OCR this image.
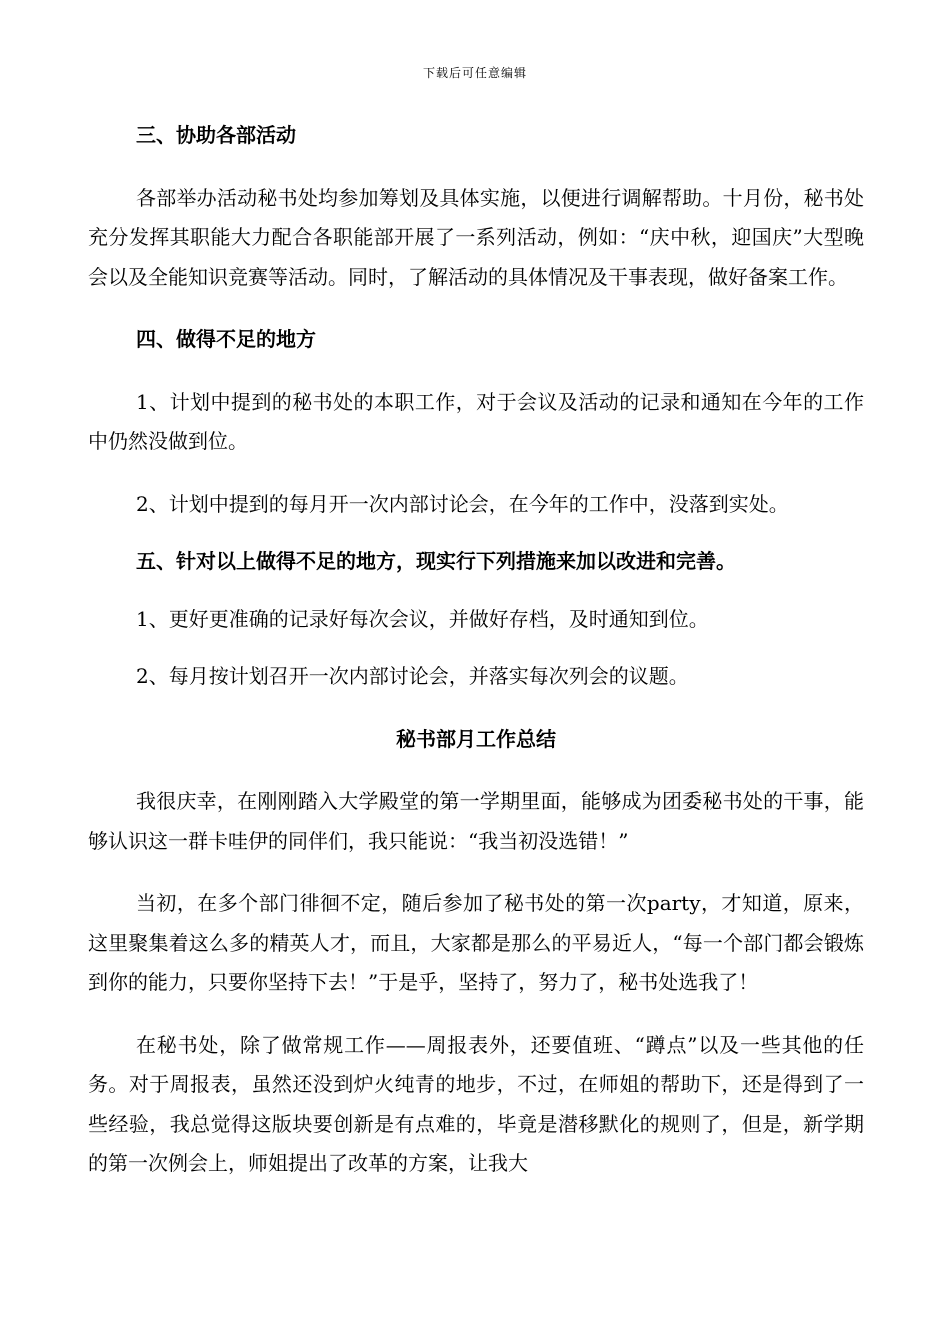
下载后可任意编辑

三、协助各部活动

各部举办活动秘书处均参加筹划及具体实施，以便进行调解帮助。十月份，秘书处充分发挥其职能大力配合各职能部开展了一系列活动，例如：“庆中秋，迎国庆”大型晚会以及全能知识竞赛等活动。同时，了解活动的具体情况及干事表现，做好备案工作。

四、做得不足的地方

1、计划中提到的秘书处的本职工作，对于会议及活动的记录和通知在今年的工作中仍然没做到位。

2、计划中提到的每月开一次内部讨论会，在今年的工作中，没落到实处。

五、针对以上做得不足的地方，现实行下列措施来加以改进和完善。

1、更好更准确的记录好每次会议，并做好存档，及时通知到位。

2、每月按计划召开一次内部讨论会，并落实每次列会的议题。

秘书部月工作总结

我很庆幸，在刚刚踏入大学殿堂的第一学期里面，能够成为团委秘书处的干事，能够认识这一群卡哇伊的同伴们，我只能说：“我当初没选错！”

当初，在多个部门徘徊不定，随后参加了秘书处的第一次party，才知道，原来，这里聚集着这么多的精英人才，而且，大家都是那么的平易近人，“每一个部门都会锻炼到你的能力，只要你坚持下去！”于是乎，坚持了，努力了，秘书处选我了！

在秘书处，除了做常规工作——周报表外，还要值班、“蹲点”以及一些其他的任务。对于周报表，虽然还没到炉火纯青的地步，不过，在师姐的帮助下，还是得到了一些经验，我总觉得这版块要创新是有点难的，毕竟是潜移默化的规则了，但是，新学期的第一次例会上，师姐提出了改革的方案，让我大
